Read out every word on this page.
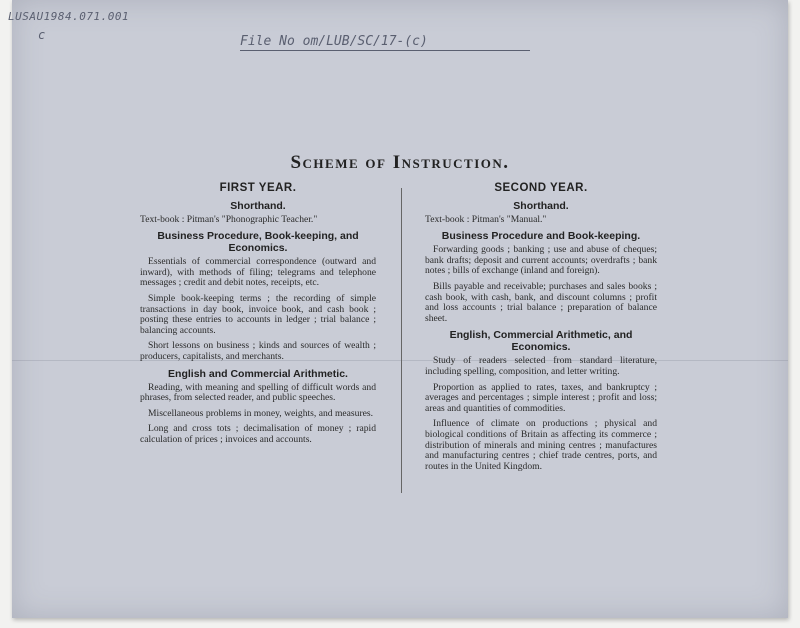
LUSAU1984.071.001
c	File No om/LUB/SC/17-(c)
Scheme of Instruction.
FIRST YEAR.
Shorthand.
Text-book : Pitman's "Phonographic Teacher."
Business Procedure, Book-keeping, and Economics.
Essentials of commercial correspondence (outward and inward), with methods of filing; telegrams and telephone messages ; credit and debit notes, receipts, etc.
Simple book-keeping terms ; the recording of simple transactions in day book, invoice book, and cash book ; posting these entries to accounts in ledger ; trial balance ; balancing accounts.
Short lessons on business ; kinds and sources of wealth ; producers, capitalists, and merchants.
English and Commercial Arithmetic.
Reading, with meaning and spelling of difficult words and phrases, from selected reader, and public speeches.
Miscellaneous problems in money, weights, and measures.
Long and cross tots ; decimalisation of money ; rapid calculation of prices ; invoices and accounts.
SECOND YEAR.
Shorthand.
Text-book : Pitman's "Manual."
Business Procedure and Book-keeping.
Forwarding goods ; banking ; use and abuse of cheques; bank drafts; deposit and current accounts; overdrafts ; bank notes ; bills of exchange (inland and foreign).
Bills payable and receivable; purchases and sales books ; cash book, with cash, bank, and discount columns ; profit and loss accounts ; trial balance ; preparation of balance sheet.
English, Commercial Arithmetic, and Economics.
Study of readers selected from standard literature, including spelling, composition, and letter writing.
Proportion as applied to rates, taxes, and bankruptcy ; averages and percentages ; simple interest ; profit and loss; areas and quantities of commodities.
Influence of climate on productions ; physical and biological conditions of Britain as affecting its commerce ; distribution of minerals and mining centres ; manufactures and manufacturing centres ; chief trade centres, ports, and routes in the United Kingdom.
